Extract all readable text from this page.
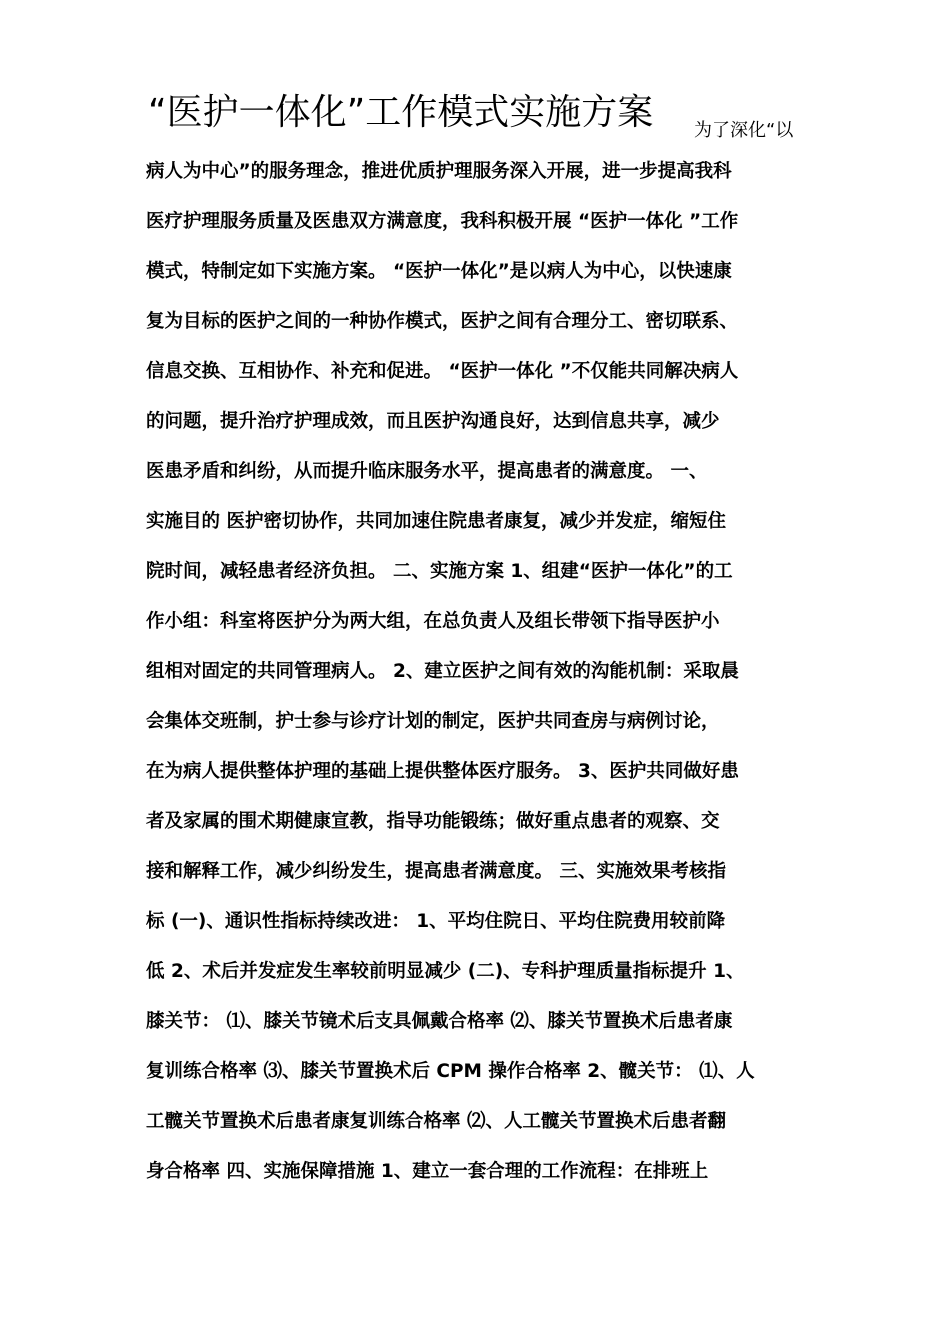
“医护一体化”工作模式实施方案 为了深化“以
病人为中心”的服务理念，推进优质护理服务深入开展，进一步提高我科
医疗护理服务质量及医患双方满意度，我科积极开展 “医护一体化 ”工作
模式，特制定如下实施方案。 “医护一体化”是以病人为中心，以快速康
复为目标的医护之间的一种协作模式，医护之间有合理分工、密切联系、
信息交换、互相协作、补充和促进。 “医护一体化 ”不仅能共同解决病人
的问题，提升治疗护理成效，而且医护沟通良好，达到信息共享，减少
医患矛盾和纠纷，从而提升临床服务水平，提高患者的满意度。 一、
实施目的 医护密切协作，共同加速住院患者康复，减少并发症，缩短住
院时间，减轻患者经济负担。 二、实施方案 1、组建“医护一体化”的工
作小组：科室将医护分为两大组，在总负责人及组长带领下指导医护小
组相对固定的共同管理病人。 2、建立医护之间有效的沟能机制：采取晨
会集体交班制，护士参与诊疗计划的制定，医护共同查房与病例讨论，
在为病人提供整体护理的基础上提供整体医疗服务。 3、医护共同做好患
者及家属的围术期健康宣教，指导功能锻练；做好重点患者的观察、交
接和解释工作，减少纠纷发生，提高患者满意度。 三、实施效果考核指
标 (一)、通识性指标持续改进： 1、平均住院日、平均住院费用较前降
低 2、术后并发症发生率较前明显减少 (二)、专科护理质量指标提升 1、
膝关节： ⑴、膝关节镜术后支具佩戴合格率 ⑵、膝关节置换术后患者康
复训练合格率 ⑶、膝关节置换术后 CPM 操作合格率 2、髋关节： ⑴、人
工髋关节置换术后患者康复训练合格率 ⑵、人工髋关节置换术后患者翻
身合格率 四、实施保障措施 1、建立一套合理的工作流程：在排班上
